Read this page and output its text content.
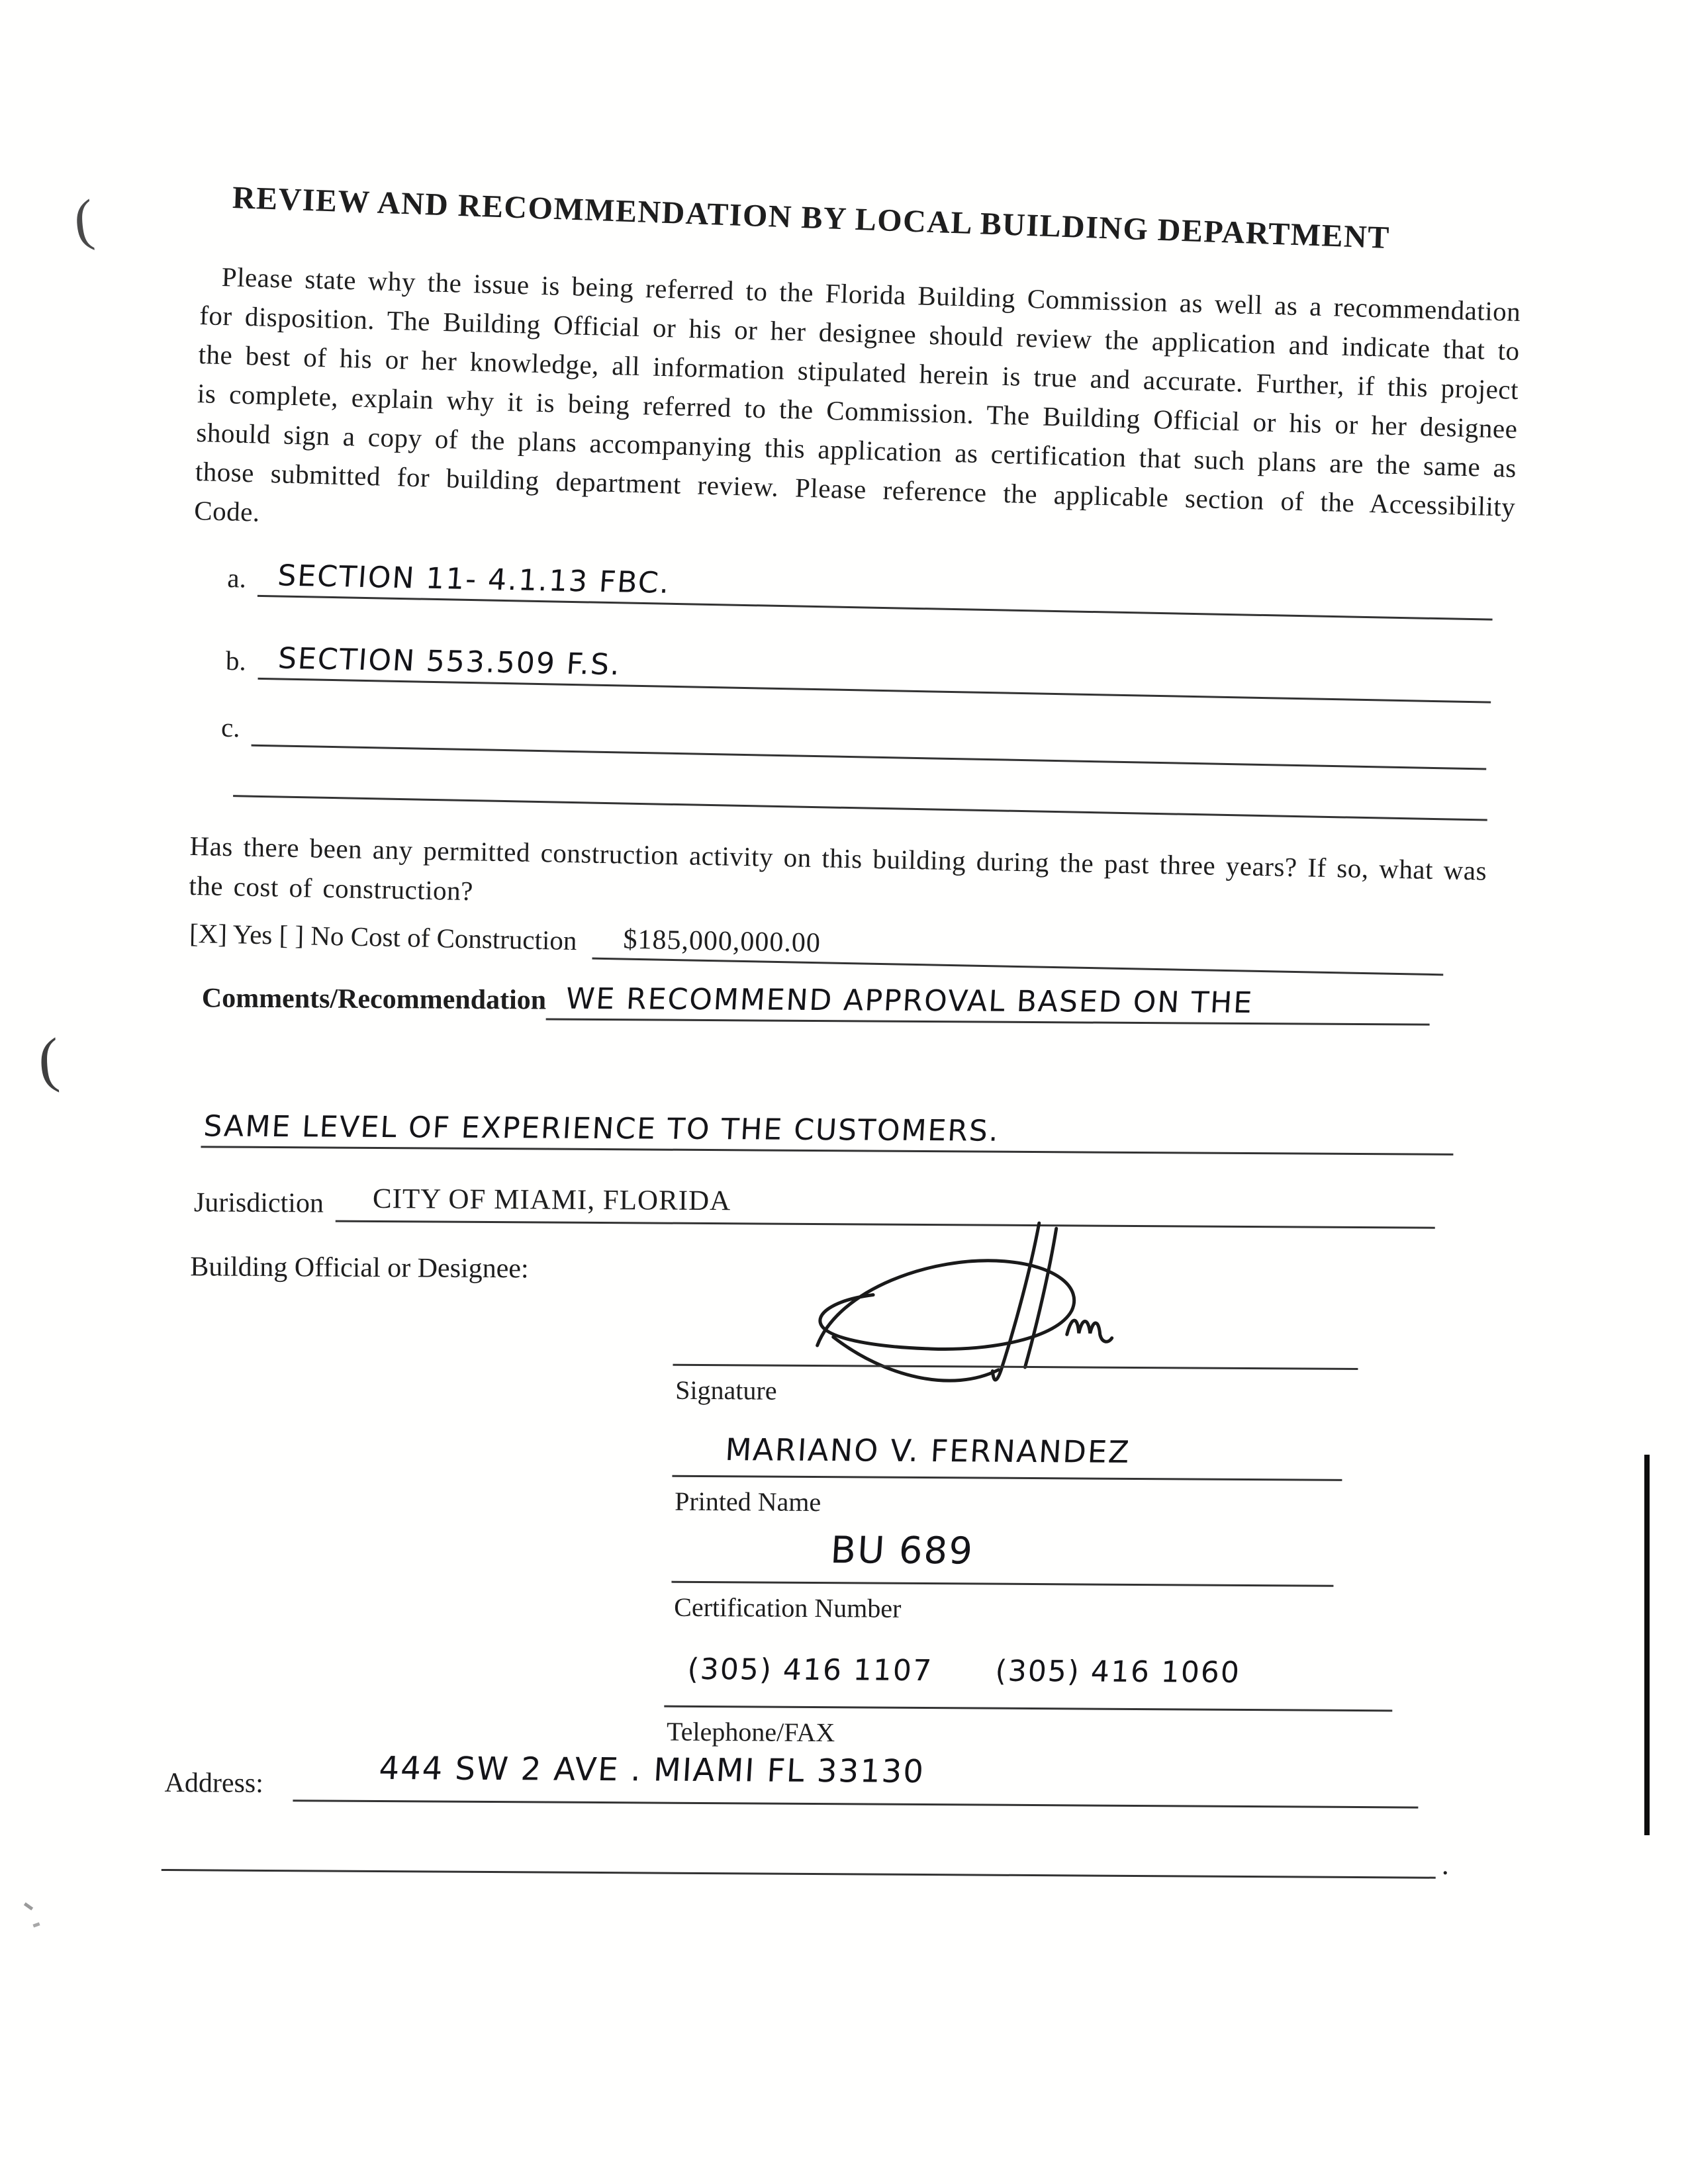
(
(
REVIEW AND RECOMMENDATION BY LOCAL BUILDING DEPARTMENT
Please state why the issue is being referred to the Florida Building Commission as well as a recommendation for disposition. The Building Official or his or her designee should review the application and indicate that to the best of his or her knowledge, all information stipulated herein is true and accurate. Further, if this project is complete, explain why it is being referred to the Commission. The Building Official or his or her designee should sign a copy of the plans accompanying this application as certification that such plans are the same as those submitted for building department review. Please reference the applicable section of the Accessibility Code.
a. SECTION 11- 4.1.13 FBC.
b. SECTION 553.509 F.S.
c.
Has there been any permitted construction activity on this building during the past three years? If so, what was the cost of construction?
[X] Yes [ ] No Cost of Construction	$185,000,000.00
Comments/Recommendation WE RECOMMEND APPROVAL BASED ON THE
SAME LEVEL OF EXPERIENCE TO THE CUSTOMERS.
Jurisdiction	CITY OF MIAMI, FLORIDA
Building Official or Designee:
Signature
MARIANO V. FERNANDEZ
Printed Name
BU 689
Certification Number
(305) 416 1107 (305) 416 1060
Telephone/FAX
Address:	444 SW 2 AVE . MIAMI FL 33130
.
